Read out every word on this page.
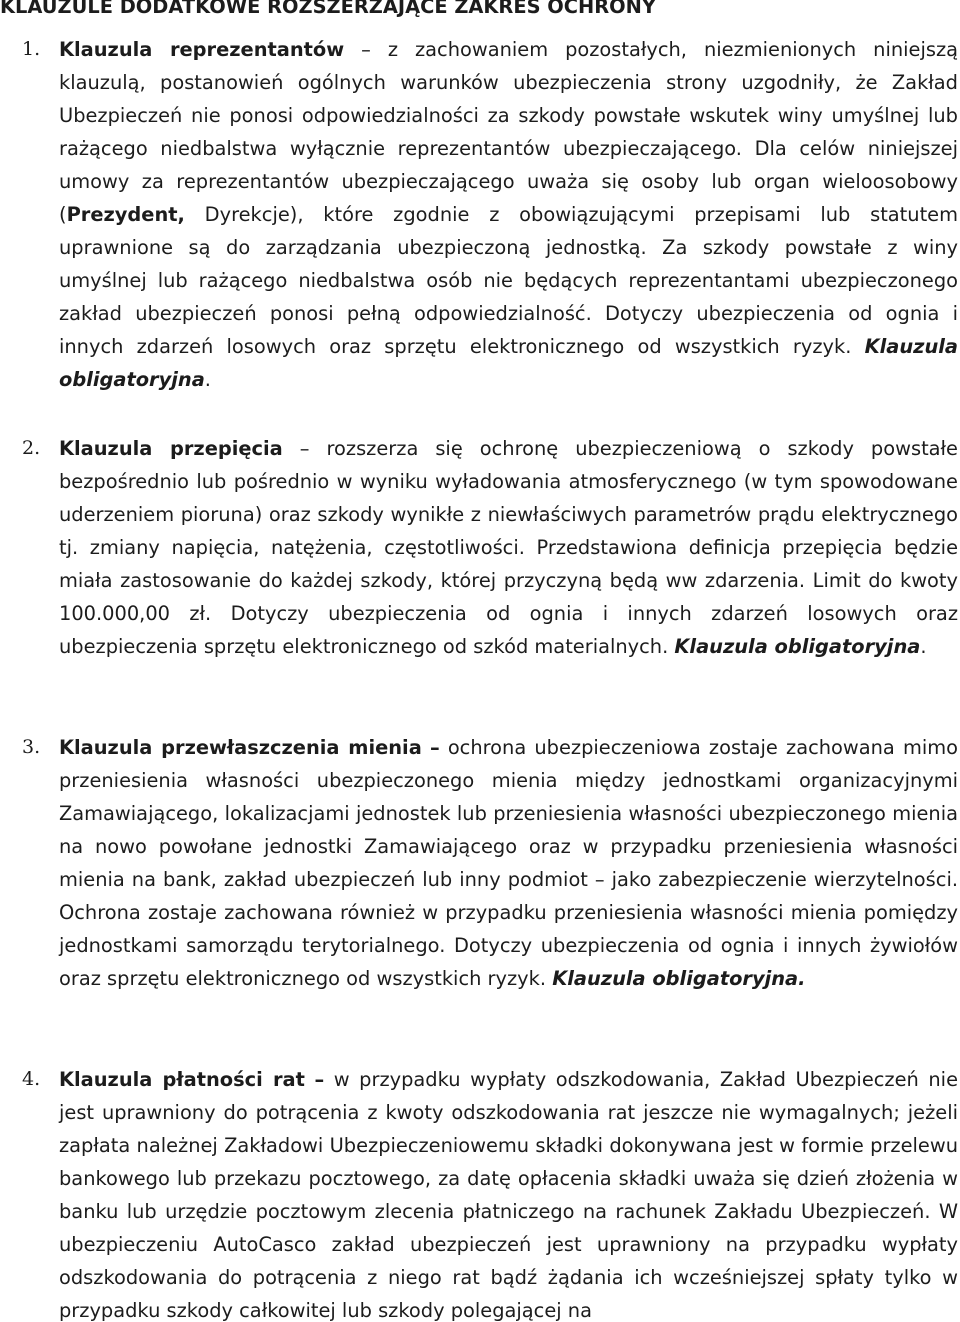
KLAUZULE DODATKOWE ROZSZERZAJĄCE ZAKRES OCHRONY
1. Klauzula reprezentantów – z zachowaniem pozostałych, niezmienionych niniejszą klauzulą, postanowień ogólnych warunków ubezpieczenia strony uzgodniły, że Zakład Ubezpieczeń nie ponosi odpowiedzialności za szkody powstałe wskutek winy umyślnej lub rażącego niedbalstwa wyłącznie reprezentantów ubezpieczającego. Dla celów niniejszej umowy za reprezentantów ubezpieczającego uważa się osoby lub organ wieloosobowy (Prezydent, Dyrekcje), które zgodnie z obowiązującymi przepisami lub statutem uprawnione są do zarządzania ubezpieczoną jednostką. Za szkody powstałe z winy umyślnej lub rażącego niedbalstwa osób nie będących reprezentantami ubezpieczonego zakład ubezpieczeń ponosi pełną odpowiedzialność. Dotyczy ubezpieczenia od ognia i innych zdarzeń losowych oraz sprzętu elektronicznego od wszystkich ryzyk. Klauzula obligatoryjna.

2. Klauzula przepięcia – rozszerza się ochronę ubezpieczeniową o szkody powstałe bezpośrednio lub pośrednio w wyniku wyładowania atmosferycznego (w tym spowodowane uderzeniem pioruna) oraz szkody wynikłe z niewłaściwych parametrów prądu elektrycznego tj. zmiany napięcia, natężenia, częstotliwości. Przedstawiona definicja przepięcia będzie miała zastosowanie do każdej szkody, której przyczyną będą ww zdarzenia. Limit do kwoty 100.000,00 zł. Dotyczy ubezpieczenia od ognia i innych zdarzeń losowych oraz ubezpieczenia sprzętu elektronicznego od szkód materialnych. Klauzula obligatoryjna.

3. Klauzula przewłaszczenia mienia – ochrona ubezpieczeniowa zostaje zachowana mimo przeniesienia własności ubezpieczonego mienia między jednostkami organizacyjnymi Zamawiającego, lokalizacjami jednostek lub przeniesienia własności ubezpieczonego mienia na nowo powołane jednostki Zamawiającego oraz w przypadku przeniesienia własności mienia na bank, zakład ubezpieczeń lub inny podmiot – jako zabezpieczenie wierzytelności. Ochrona zostaje zachowana również w przypadku przeniesienia własności mienia pomiędzy jednostkami samorządu terytorialnego. Dotyczy ubezpieczenia od ognia i innych żywiołów oraz sprzętu elektronicznego od wszystkich ryzyk. Klauzula obligatoryjna.

4. Klauzula płatności rat – w przypadku wypłaty odszkodowania, Zakład Ubezpieczeń nie jest uprawniony do potrącenia z kwoty odszkodowania rat jeszcze nie wymagalnych; jeżeli zapłata należnej Zakładowi Ubezpieczeniowemu składki dokonywana jest w formie przelewu bankowego lub przekazu pocztowego, za datę opłacenia składki uważa się dzień złożenia w banku lub urzędzie pocztowym zlecenia płatniczego na rachunek Zakładu Ubezpieczeń. W ubezpieczeniu AutoCasco zakład ubezpieczeń jest uprawniony na przypadku wypłaty odszkodowania do potrącenia z niego rat bądź żądania ich wcześniejszej spłaty tylko w przypadku szkody całkowitej lub szkody polegającej na
